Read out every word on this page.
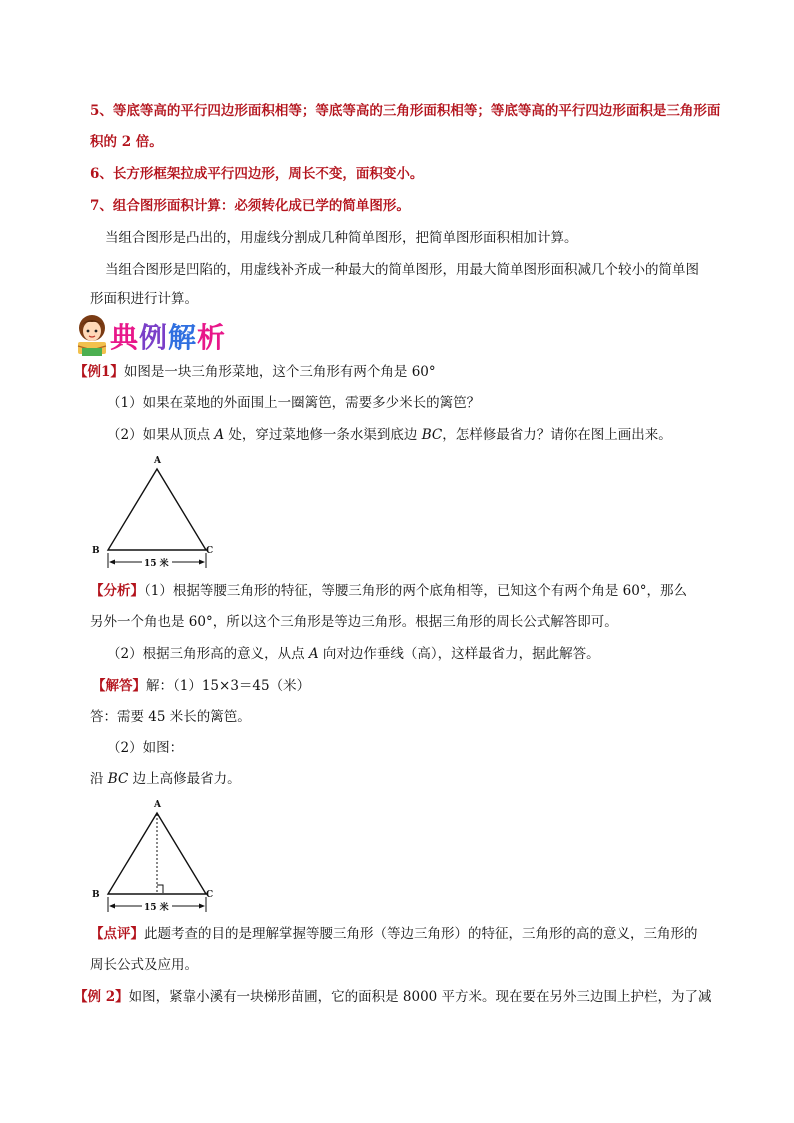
5、等底等高的平行四边形面积相等；等底等高的三角形面积相等；等底等高的平行四边形面积是三角形面
积的 2 倍。
6、长方形框架拉成平行四边形，周长不变，面积变小。
7、组合图形面积计算：必须转化成已学的简单图形。
当组合图形是凸出的，用虚线分割成几种简单图形，把简单图形面积相加计算。
当组合图形是凹陷的，用虚线补齐成一种最大的简单图形，用最大简单图形面积减几个较小的简单图
形面积进行计算。
典例解析
【例1】如图是一块三角形菜地，这个三角形有两个角是 60°
（1）如果在菜地的外面围上一圈篱笆，需要多少米长的篱笆？
（2）如果从顶点 A 处，穿过菜地修一条水渠到底边 BC，怎样修最省力？请你在图上画出来。
A
B	C
15 米
【分析】（1）根据等腰三角形的特征，等腰三角形的两个底角相等，已知这个有两个角是 60°，那么
另外一个角也是 60°，所以这个三角形是等边三角形。根据三角形的周长公式解答即可。
（2）根据三角形高的意义，从点 A 向对边作垂线（高），这样最省力，据此解答。
【解答】解：（1）15×3＝45（米）
答：需要 45 米长的篱笆。
（2）如图：
沿 BC 边上高修最省力。
A
B	C
15 米
【点评】此题考查的目的是理解掌握等腰三角形（等边三角形）的特征，三角形的高的意义，三角形的
周长公式及应用。
【例 2】如图，紧靠小溪有一块梯形苗圃，它的面积是 8000 平方米。现在要在另外三边围上护栏，为了减
